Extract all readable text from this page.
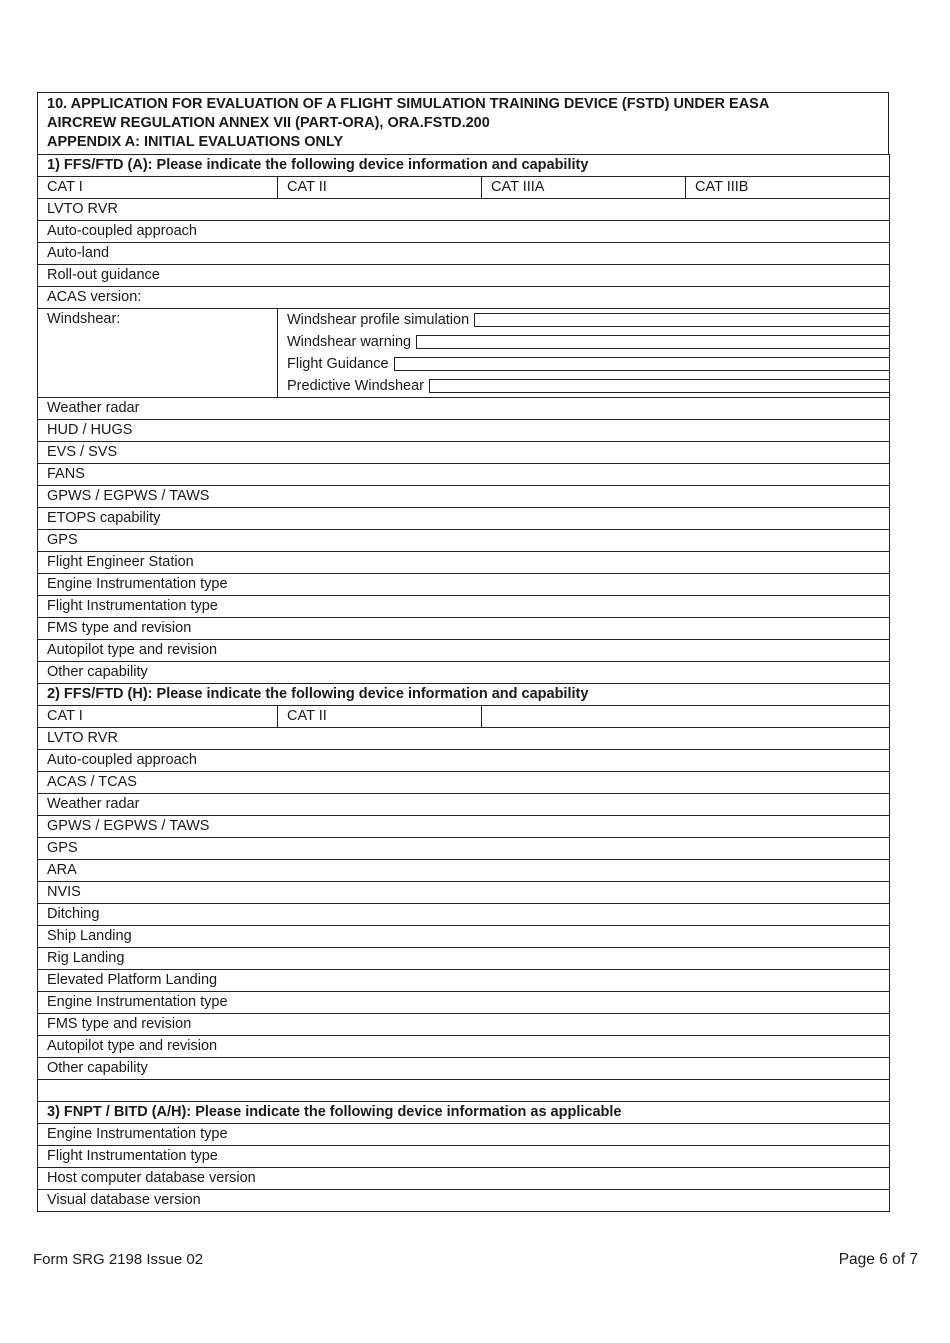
10. APPLICATION FOR EVALUATION OF A FLIGHT SIMULATION TRAINING DEVICE (FSTD) UNDER EASA
AIRCREW REGULATION ANNEX VII (PART-ORA), ORA.FSTD.200
APPENDIX A: INITIAL EVALUATIONS ONLY
1) FFS/FTD (A): Please indicate the following device information and capability			
CAT I	CAT II	CAT IIIA	CAT IIIB
LVTO RVR			
Auto-coupled approach			
Auto-land			
Roll-out guidance			
ACAS version:			
Windshear:	Windshear profile simulation
Windshear warning
Flight Guidance
Predictive Windshear		

Weather radar			
HUD / HUGS			
EVS / SVS			
FANS			
GPWS / EGPWS / TAWS			
ETOPS capability			
GPS			
Flight Engineer Station			
Engine Instrumentation type			
Flight Instrumentation type			
FMS type and revision			
Autopilot type and revision			
Other capability			
2) FFS/FTD (H): Please indicate the following device information and capability			
CAT I	CAT II		
LVTO RVR			
Auto-coupled approach			
ACAS / TCAS			
Weather radar			
GPWS / EGPWS / TAWS			
GPS			
ARA			
NVIS			
Ditching			
Ship Landing			
Rig Landing			
Elevated Platform Landing			
Engine Instrumentation type			
FMS type and revision			
Autopilot type and revision			
Other capability			

3) FNPT / BITD (A/H): Please indicate the following device information as applicable			
Engine Instrumentation type			
Flight Instrumentation type			
Host computer database version			
Visual database version			
Form SRG 2198 Issue 02	Page 6 of 7
